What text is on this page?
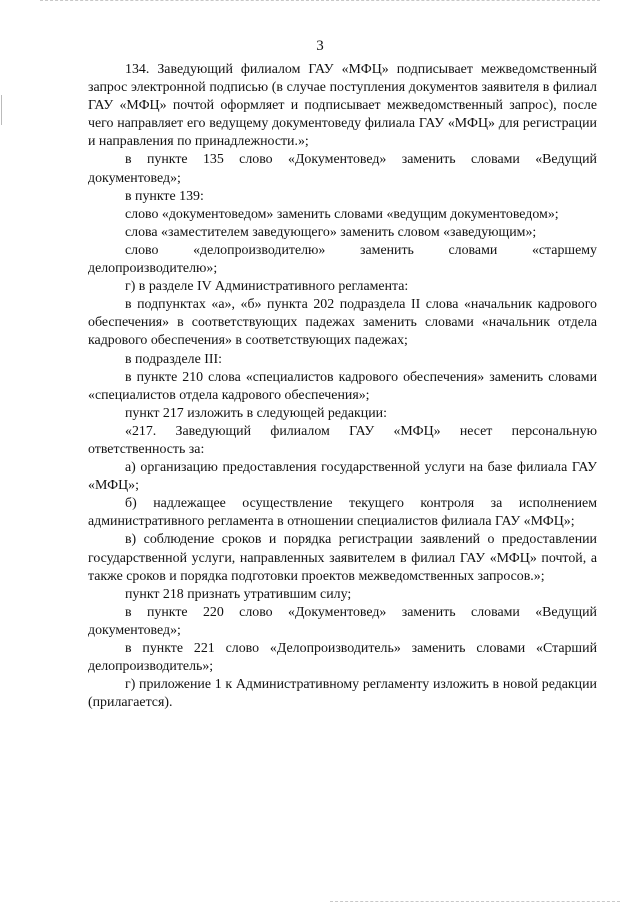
3

134. Заведующий филиалом ГАУ «МФЦ» подписывает межведомственный запрос электронной подписью (в случае поступления документов заявителя в филиал ГАУ «МФЦ» почтой оформляет и подписывает межведомственный запрос), после чего направляет его ведущему документоведу филиала ГАУ «МФЦ» для регистрации и направления по принадлежности.»;

в пункте 135 слово «Документовед» заменить словами «Ведущий документовед»;

в пункте 139:

слово «документоведом» заменить словами «ведущим документоведом»;

слова «заместителем заведующего» заменить словом «заведующим»;

слово «делопроизводителю» заменить словами «старшему делопроизводителю»;

г) в разделе IV Административного регламента:

в подпунктах «а», «б» пункта 202 подраздела II слова «начальник кадрового обеспечения» в соответствующих падежах заменить словами «начальник отдела кадрового обеспечения» в соответствующих падежах;

в подразделе III:

в пункте 210 слова «специалистов кадрового обеспечения» заменить словами «специалистов отдела кадрового обеспечения»;

пункт 217 изложить в следующей редакции:

«217. Заведующий филиалом ГАУ «МФЦ» несет персональную ответственность за:

а) организацию предоставления государственной услуги на базе филиала ГАУ «МФЦ»;

б) надлежащее осуществление текущего контроля за исполнением административного регламента в отношении специалистов филиала ГАУ «МФЦ»;

в) соблюдение сроков и порядка регистрации заявлений о предоставлении государственной услуги, направленных заявителем в филиал ГАУ «МФЦ» почтой, а также сроков и порядка подготовки проектов межведомственных запросов.»;

пункт 218 признать утратившим силу;

в пункте 220 слово «Документовед» заменить словами «Ведущий документовед»;

в пункте 221 слово «Делопроизводитель» заменить словами «Старший делопроизводитель»;

г) приложение 1 к Административному регламенту изложить в новой редакции (прилагается).
